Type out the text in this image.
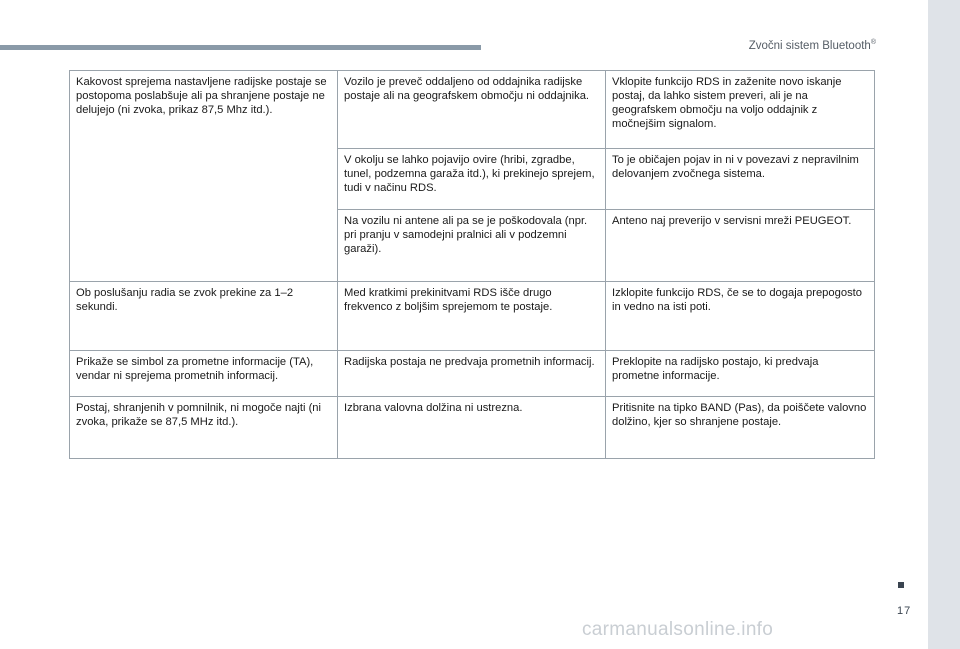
Zvočni sistem Bluetooth®
Kakovost sprejema nastavljene radijske postaje se postopoma poslabšuje ali pa shranjene postaje ne delujejo (ni zvoka, prikaz 87,5 Mhz itd.).	Vozilo je preveč oddaljeno od oddajnika radijske postaje ali na geografskem območju ni oddajnika.	Vklopite funkcijo RDS in zaženite novo iskanje postaj, da lahko sistem preveri, ali je na geografskem območju na voljo oddajnik z močnejšim signalom.
	V okolju se lahko pojavijo ovire (hribi, zgradbe, tunel, podzemna garaža itd.), ki prekinejo sprejem, tudi v načinu RDS.	To je običajen pojav in ni v povezavi z nepravilnim delovanjem zvočnega sistema.
	Na vozilu ni antene ali pa se je poškodovala (npr. pri pranju v samodejni pralnici ali v podzemni garaži).	Anteno naj preverijo v servisni mreži PEUGEOT.
Ob poslušanju radia se zvok prekine za 1–2 sekundi.	Med kratkimi prekinitvami RDS išče drugo frekvenco z boljšim sprejemom te postaje.	Izklopite funkcijo RDS, če se to dogaja prepogosto in vedno na isti poti.
Prikaže se simbol za prometne informacije (TA), vendar ni sprejema prometnih informacij.	Radijska postaja ne predvaja prometnih informacij.	Preklopite na radijsko postajo, ki predvaja prometne informacije.
Postaj, shranjenih v pomnilnik, ni mogoče najti (ni zvoka, prikaže se 87,5 MHz itd.).	Izbrana valovna dolžina ni ustrezna.	Pritisnite na tipko BAND (Pas), da poiščete valovno dolžino, kjer so shranjene postaje.
17
carmanualsonline.info
